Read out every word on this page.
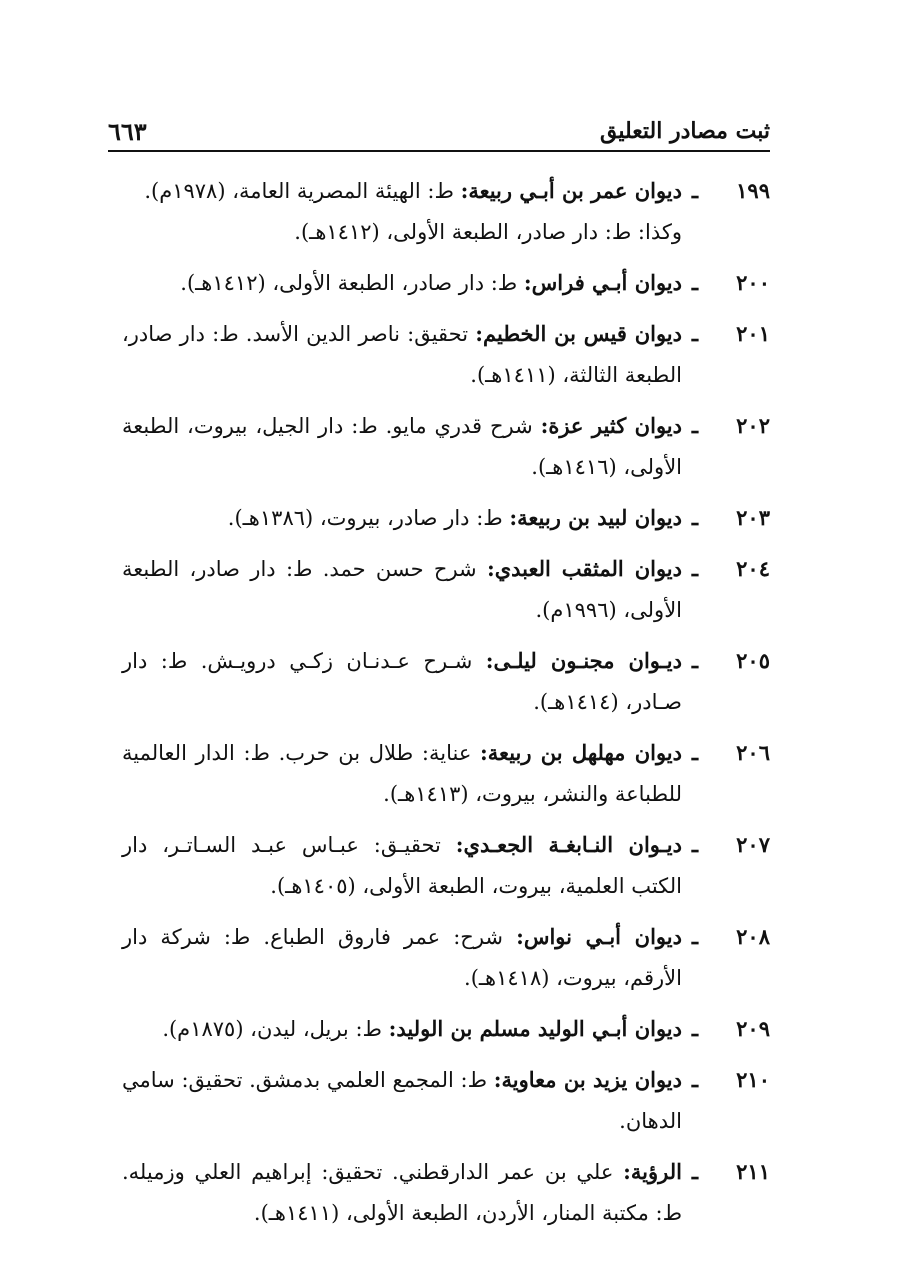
ثبت مصادر التعليق
٦٦٣
١٩٩
ـ
ديوان عمر بن أبـي ربيعة: ط: الهيئة المصرية العامة، (١٩٧٨م).
وكذا: ط: دار صادر، الطبعة الأولى، (١٤١٢هـ).
٢٠٠
ـ
ديوان أبـي فراس: ط: دار صادر، الطبعة الأولى، (١٤١٢هـ).
٢٠١
ـ
ديوان قيس بن الخطيم: تحقيق: ناصر الدين الأسد. ط: دار صادر، الطبعة الثالثة، (١٤١١هـ).
٢٠٢
ـ
ديوان كثير عزة: شرح قدري مايو. ط: دار الجيل، بيروت، الطبعة الأولى، (١٤١٦هـ).
٢٠٣
ـ
ديوان لبيد بن ربيعة: ط: دار صادر، بيروت، (١٣٨٦هـ).
٢٠٤
ـ
ديوان المثقب العبدي: شرح حسن حمد. ط: دار صادر، الطبعة الأولى، (١٩٩٦م).
٢٠٥
ـ
ديـوان مجنـون ليلـى: شـرح عـدنـان زكـي درويـش. ط: دار صـادر، (١٤١٤هـ).
٢٠٦
ـ
ديوان مهلهل بن ربيعة: عناية: طلال بن حرب. ط: الدار العالمية للطباعة والنشر، بيروت، (١٤١٣هـ).
٢٠٧
ـ
ديـوان النـابغـة الجعـدي: تحقيـق: عبـاس عبـد السـاتـر، دار الكتب العلمية، بيروت، الطبعة الأولى، (١٤٠٥هـ).
٢٠٨
ـ
ديوان أبـي نواس: شرح: عمر فاروق الطباع. ط: شركة دار الأرقم، بيروت، (١٤١٨هـ).
٢٠٩
ـ
ديوان أبـي الوليد مسلم بن الوليد: ط: بريل، ليدن، (١٨٧٥م).
٢١٠
ـ
ديوان يزيد بن معاوية: ط: المجمع العلمي بدمشق. تحقيق: سامي الدهان.
٢١١
ـ
الرؤية: علي بن عمر الدارقطني. تحقيق: إبراهيم العلي وزميله. ط: مكتبة المنار، الأردن، الطبعة الأولى، (١٤١١هـ).
